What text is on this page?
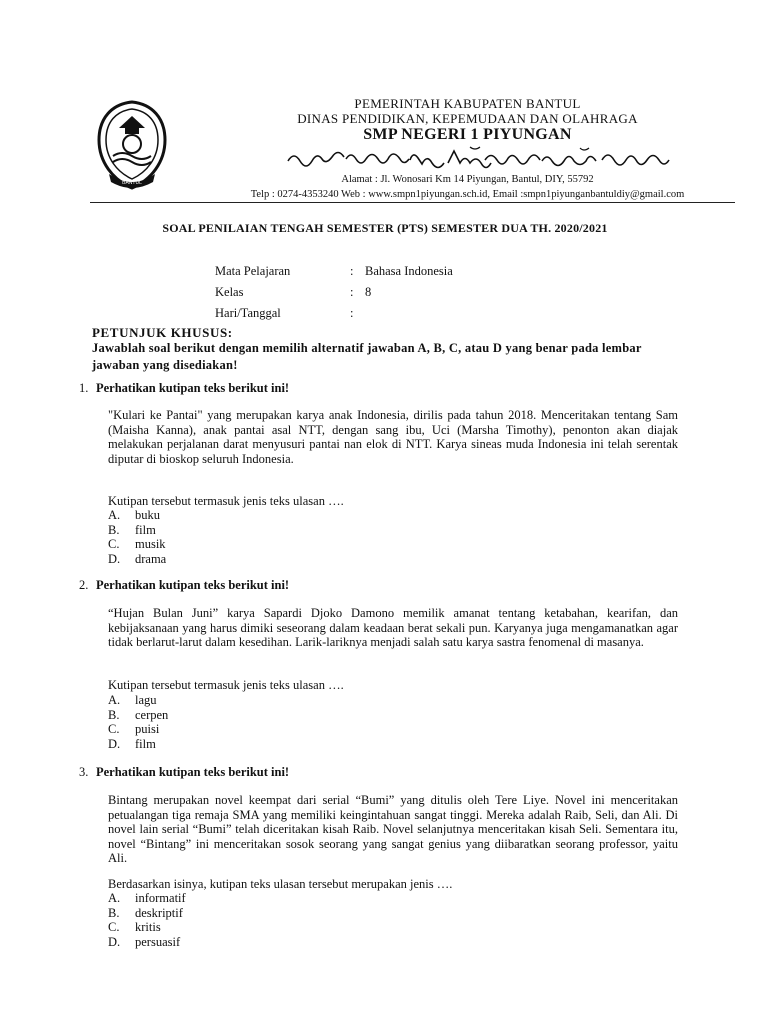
BANTUL
PEMERINTAH KABUPATEN BANTUL
DINAS PENDIDIKAN, KEPEMUDAAN DAN OLAHRAGA
SMP NEGERI 1 PIYUNGAN
Alamat : Jl. Wonosari Km 14 Piyungan, Bantul, DIY, 55792
Telp : 0274-4353240 Web : www.smpn1piyungan.sch.id, Email :smpn1piyunganbantuldiy@gmail.com
SOAL PENILAIAN TENGAH SEMESTER (PTS) SEMESTER DUA TH. 2020/2021
Mata Pelajaran	: Bahasa Indonesia
Kelas	: 8
Hari/Tanggal	:
PETUNJUK KHUSUS:
Jawablah soal berikut dengan memilih alternatif jawaban A, B, C, atau D yang benar pada lembar jawaban yang disediakan!
1. Perhatikan kutipan teks berikut ini!

"Kulari ke Pantai" yang merupakan karya anak Indonesia, dirilis pada tahun 2018. Menceritakan tentang Sam (Maisha Kanna), anak pantai asal NTT, dengan sang ibu, Uci (Marsha Timothy), penonton akan diajak melakukan perjalanan darat menyusuri pantai nan elok di NTT. Karya sineas muda Indonesia ini telah serentak diputar di bioskop seluruh Indonesia.

Kutipan tersebut termasuk jenis teks ulasan ….
A. buku
B. film
C. musik
D. drama
2. Perhatikan kutipan teks berikut ini!

“Hujan Bulan Juni” karya Sapardi Djoko Damono memilik amanat tentang ketabahan, kearifan, dan kebijaksanaan yang harus dimiki seseorang dalam keadaan berat sekali pun. Karyanya juga mengamanatkan agar tidak berlarut-larut dalam kesedihan. Larik-lariknya menjadi salah satu karya sastra fenomenal di masanya.

Kutipan tersebut termasuk jenis teks ulasan ….
A. lagu
B. cerpen
C. puisi
D. film
3. Perhatikan kutipan teks berikut ini!

Bintang merupakan novel keempat dari serial “Bumi” yang ditulis oleh Tere Liye. Novel ini menceritakan petualangan tiga remaja SMA yang memiliki keingintahuan sangat tinggi. Mereka adalah Raib, Seli, dan Ali. Di novel lain serial “Bumi” telah diceritakan kisah Raib. Novel selanjutnya menceritakan kisah Seli. Sementara itu, novel “Bintang” ini menceritakan sosok seorang yang sangat genius yang diibaratkan seorang professor, yaitu Ali.

Berdasarkan isinya, kutipan teks ulasan tersebut merupakan jenis ….
A. informatif
B. deskriptif
C. kritis
D. persuasif
